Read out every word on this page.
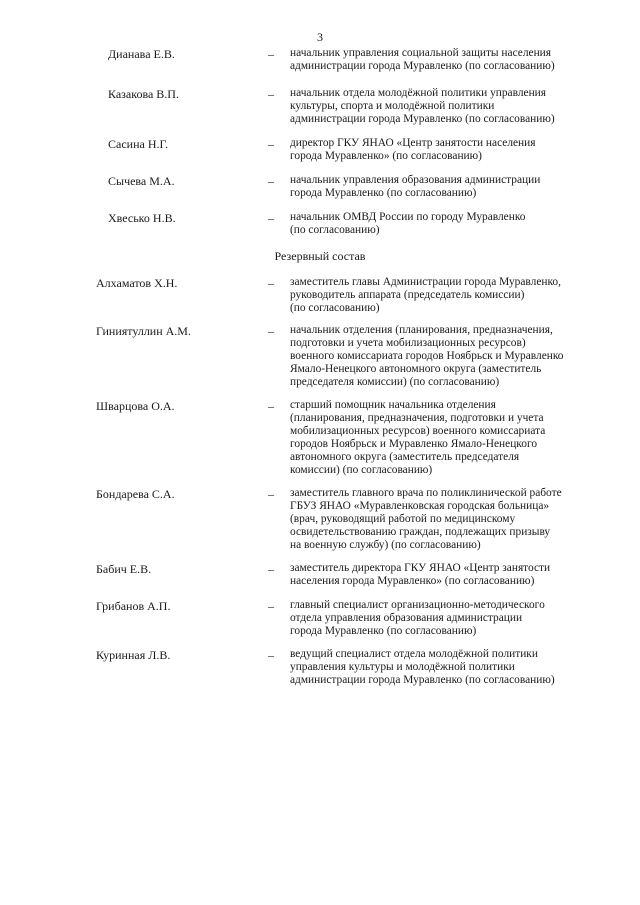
3
Дианава Е.В.	– начальник управления социальной защиты населения
администрации города Муравленко (по согласованию)
Казакова В.П.	– начальник отдела молодёжной политики управления
культуры, спорта и молодёжной политики
администрации города Муравленко (по согласованию)
Сасина Н.Г.	– директор ГКУ ЯНАО «Центр занятости населения
города Муравленко» (по согласованию)
Сычева М.А.	– начальник управления образования администрации
города Муравленко (по согласованию)
Хвесько Н.В.	– начальник ОМВД России по городу Муравленко
(по согласованию)
Резервный состав
Алхаматов Х.Н.	– заместитель главы Администрации города Муравленко,
руководитель аппарата (председатель комиссии)
(по согласованию)
Гиниятуллин А.М.	– начальник отделения (планирования, предназначения,
подготовки и учета мобилизационных ресурсов)
военного комиссариата городов Ноябрьск и Муравленко
Ямало-Ненецкого автономного округа (заместитель
председателя комиссии) (по согласованию)
Шварцова О.А.	– старший помощник начальника отделения
(планирования, предназначения, подготовки и учета
мобилизационных ресурсов) военного комиссариата
городов Ноябрьск и Муравленко Ямало-Ненецкого
автономного округа (заместитель председателя
комиссии) (по согласованию)
Бондарева С.А.	– заместитель главного врача по поликлинической работе
ГБУЗ ЯНАО «Муравленковская городская больница»
(врач, руководящий работой по медицинскому
освидетельствованию граждан, подлежащих призыву
на военную службу) (по согласованию)
Бабич Е.В.	– заместитель директора ГКУ ЯНАО «Центр занятости
населения города Муравленко» (по согласованию)
Грибанов А.П.	– главный специалист организационно-методического
отдела управления образования администрации
города Муравленко (по согласованию)
Куринная Л.В.	– ведущий специалист отдела молодёжной политики
управления культуры и молодёжной политики
администрации города Муравленко (по согласованию)
